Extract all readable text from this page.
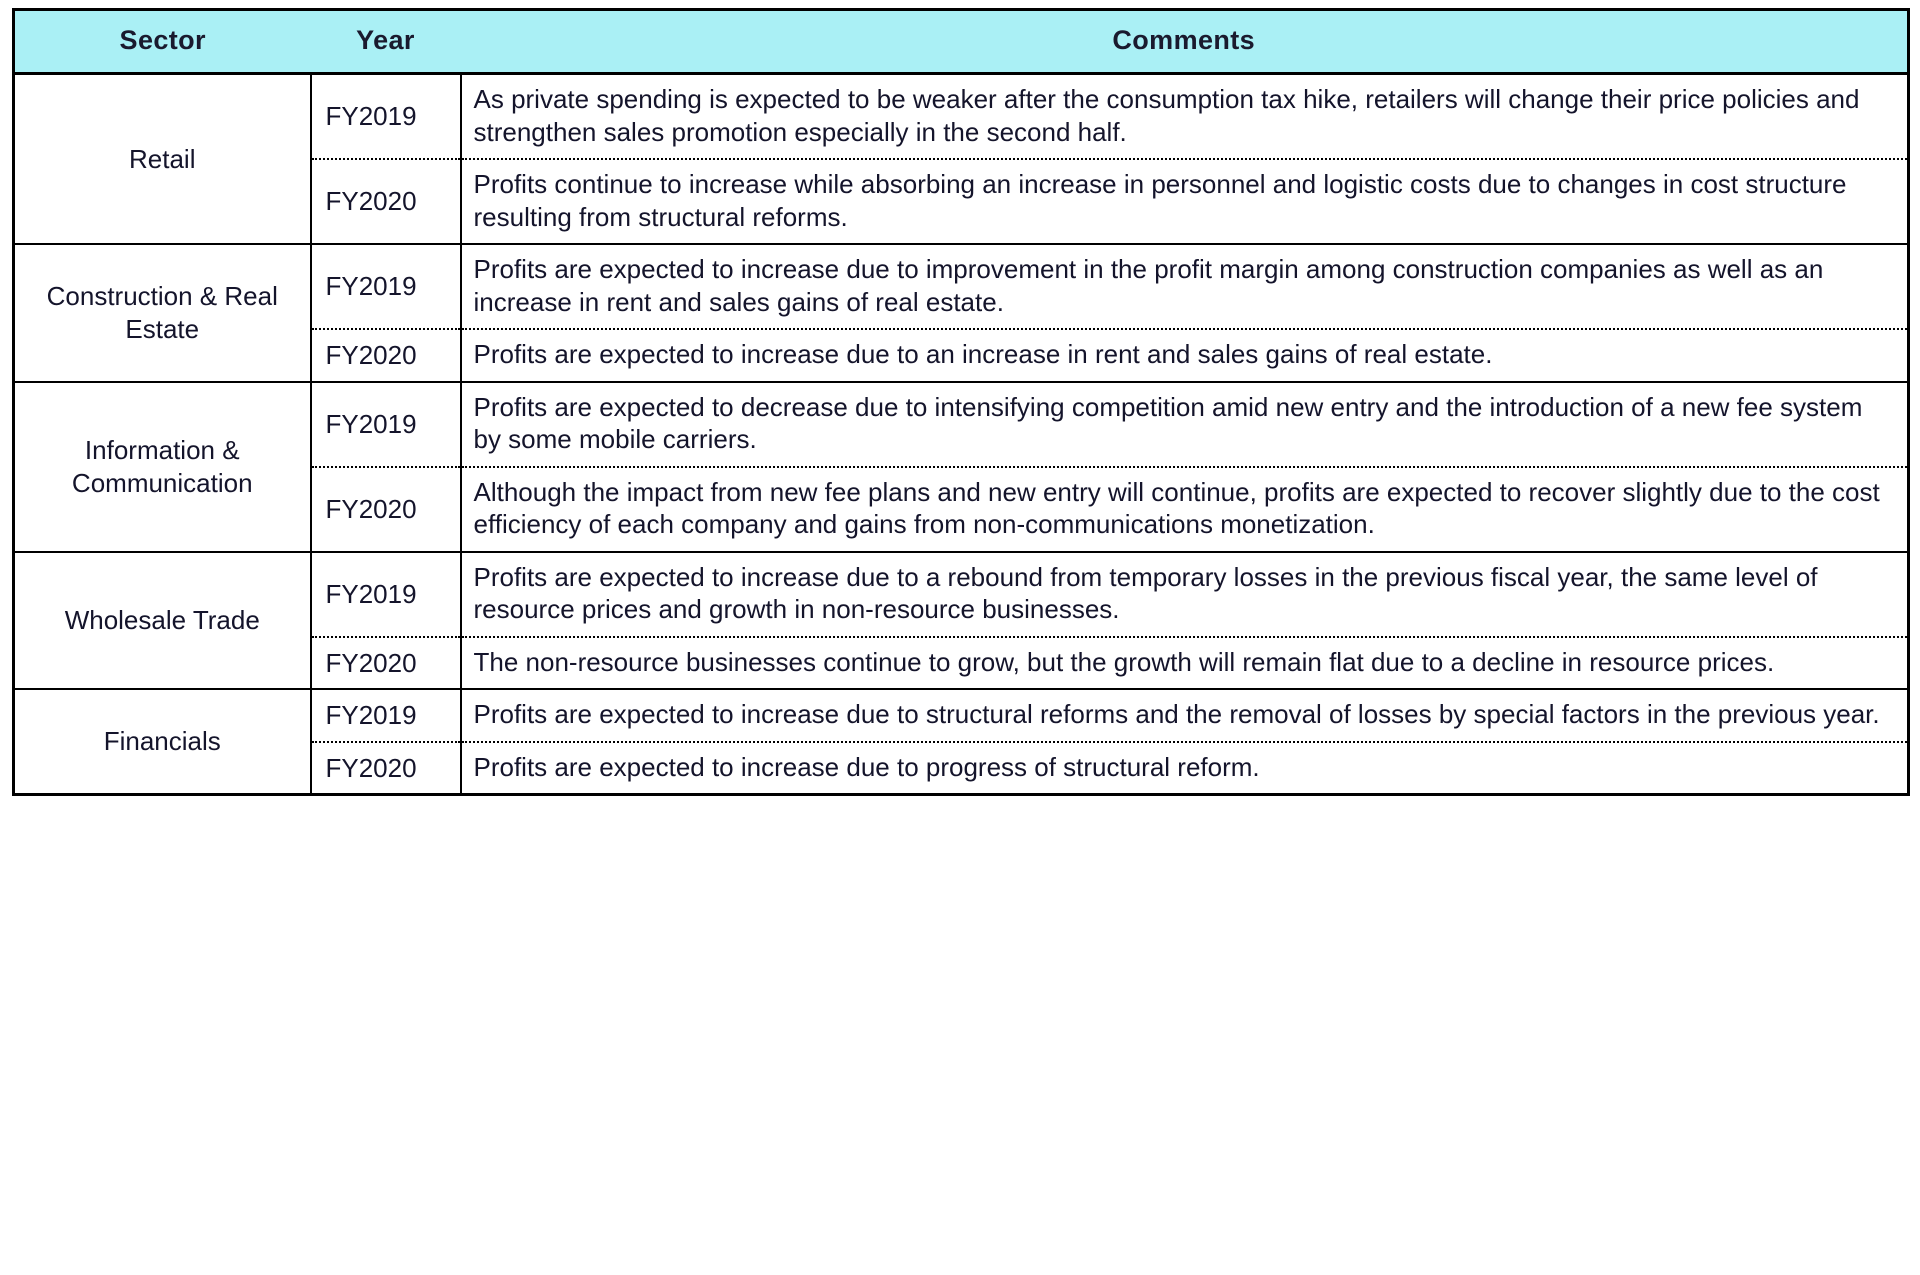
Sector	Year	Comments

Retail	FY2019	As private spending is expected to be weaker after the consumption tax hike, retailers will change their price policies and strengthen sales promotion especially in the second half.
	FY2020	Profits continue to increase while absorbing an increase in personnel and logistic costs due to changes in cost structure resulting from structural reforms.

Construction & Real Estate	FY2019	Profits are expected to increase due to improvement in the profit margin among construction companies as well as an increase in rent and sales gains of real estate.
	FY2020	Profits are expected to increase due to an increase in rent and sales gains of real estate.

Information & Communication	FY2019	Profits are expected to decrease due to intensifying competition amid new entry and the introduction of a new fee system by some mobile carriers.
	FY2020	Although the impact from new fee plans and new entry will continue, profits are expected to recover slightly due to the cost efficiency of each company and gains from non-communications monetization.

Wholesale Trade	FY2019	Profits are expected to increase due to a rebound from temporary losses in the previous fiscal year, the same level of resource prices and growth in non-resource businesses.
	FY2020	The non-resource businesses continue to grow, but the growth will remain flat due to a decline in resource prices.

Financials	FY2019	Profits are expected to increase due to structural reforms and the removal of losses by special factors in the previous year.
	FY2020	Profits are expected to increase due to progress of structural reform.
